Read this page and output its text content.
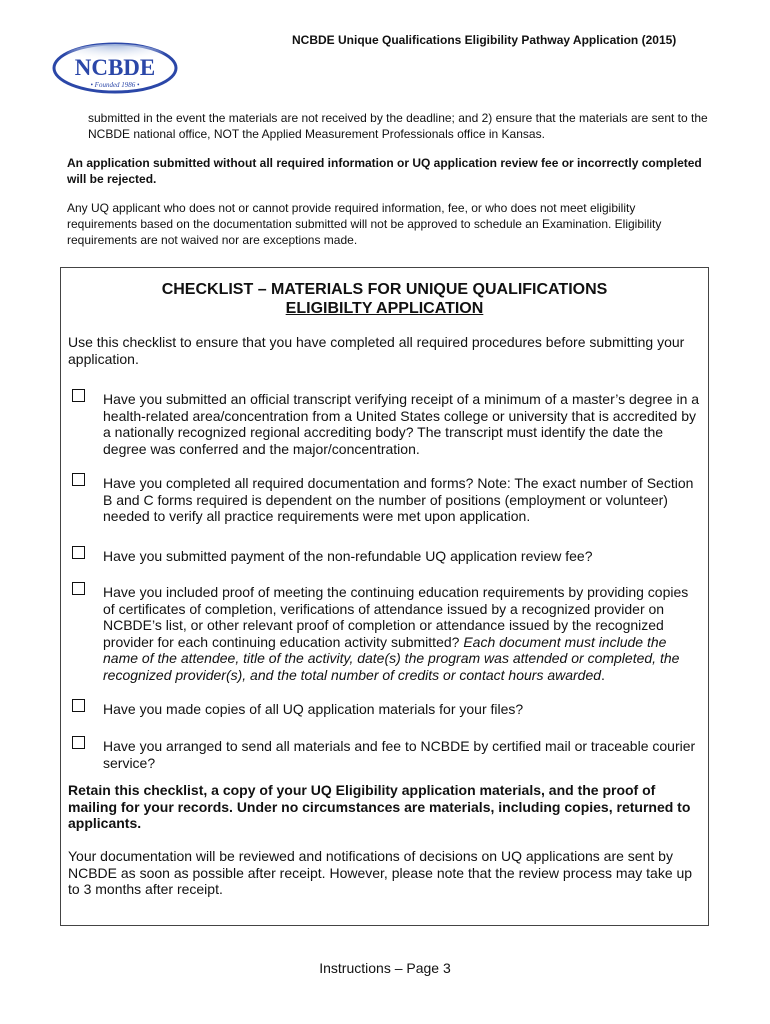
NCBDE Unique Qualifications Eligibility Pathway Application (2015)
NCBDE
• Founded 1986 •
submitted in the event the materials are not received by the deadline; and 2) ensure that the materials are sent to the NCBDE national office, NOT the Applied Measurement Professionals office in Kansas.
An application submitted without all required information or UQ application review fee or incorrectly completed will be rejected.
Any UQ applicant who does not or cannot provide required information, fee, or who does not meet eligibility requirements based on the documentation submitted will not be approved to schedule an Examination. Eligibility requirements are not waived nor are exceptions made.
CHECKLIST – MATERIALS FOR UNIQUE QUALIFICATIONS
ELIGIBILTY APPLICATION
Use this checklist to ensure that you have completed all required procedures before submitting your application.
Have you submitted an official transcript verifying receipt of a minimum of a master’s degree in a health-related area/concentration from a United States college or university that is accredited by a nationally recognized regional accrediting body? The transcript must identify the date the degree was conferred and the major/concentration.
Have you completed all required documentation and forms? Note: The exact number of Section B and C forms required is dependent on the number of positions (employment or volunteer) needed to verify all practice requirements were met upon application.
Have you submitted payment of the non-refundable UQ application review fee?
Have you included proof of meeting the continuing education requirements by providing copies of certificates of completion, verifications of attendance issued by a recognized provider on NCBDE’s list, or other relevant proof of completion or attendance issued by the recognized provider for each continuing education activity submitted? Each document must include the name of the attendee, title of the activity, date(s) the program was attended or completed, the recognized provider(s), and the total number of credits or contact hours awarded.
Have you made copies of all UQ application materials for your files?
Have you arranged to send all materials and fee to NCBDE by certified mail or traceable courier service?
Retain this checklist, a copy of your UQ Eligibility application materials, and the proof of mailing for your records. Under no circumstances are materials, including copies, returned to applicants.
Your documentation will be reviewed and notifications of decisions on UQ applications are sent by NCBDE as soon as possible after receipt. However, please note that the review process may take up to 3 months after receipt.
Instructions – Page 3
